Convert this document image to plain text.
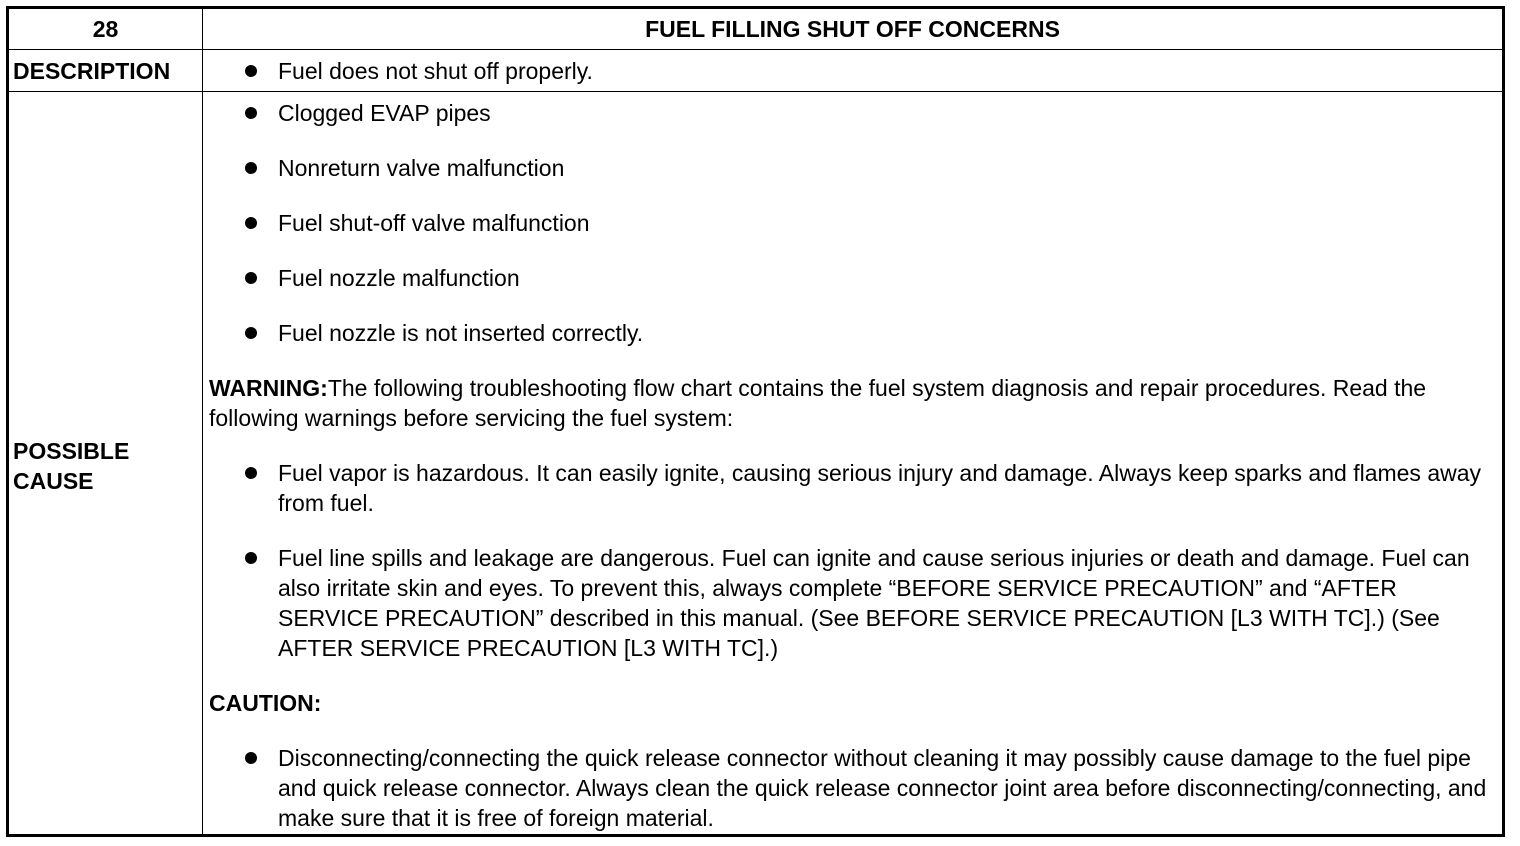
28	FUEL FILLING SHUT OFF CONCERNS
DESCRIPTION	Fuel does not shut off properly.
POSSIBLE
CAUSE
Clogged EVAP pipes
Nonreturn valve malfunction
Fuel shut-off valve malfunction
Fuel nozzle malfunction
Fuel nozzle is not inserted correctly.
WARNING:The following troubleshooting flow chart contains the fuel system diagnosis and repair procedures. Read the following warnings before servicing the fuel system:
Fuel vapor is hazardous. It can easily ignite, causing serious injury and damage. Always keep sparks and flames away from fuel.
Fuel line spills and leakage are dangerous. Fuel can ignite and cause serious injuries or death and damage. Fuel can also irritate skin and eyes. To prevent this, always complete “BEFORE SERVICE PRECAUTION” and “AFTER SERVICE PRECAUTION” described in this manual. (See BEFORE SERVICE PRECAUTION [L3 WITH TC].) (See AFTER SERVICE PRECAUTION [L3 WITH TC].)
CAUTION:
Disconnecting/connecting the quick release connector without cleaning it may possibly cause damage to the fuel pipe and quick release connector. Always clean the quick release connector joint area before disconnecting/connecting, and make sure that it is free of foreign material.
